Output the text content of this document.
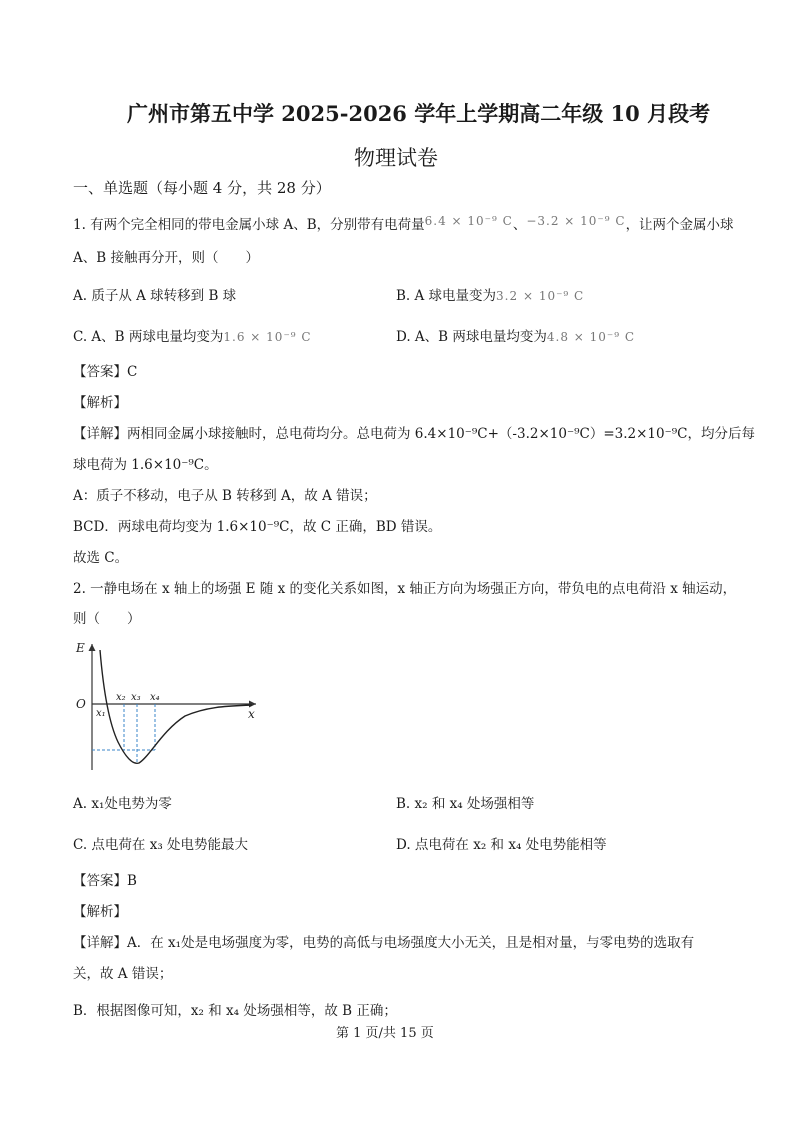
广州市第五中学 2025-2026 学年上学期高二年级 10 月段考
物理试卷
一、单选题（每小题 4 分，共 28 分）
1. 有两个完全相同的带电金属小球 A、B，分别带有电荷量6.4 × 10⁻⁹ C、−3.2 × 10⁻⁹ C，让两个金属小球
A、B 接触再分开，则（　　）
A. 质子从 A 球转移到 B 球	B. A 球电量变为3.2 × 10⁻⁹ C
C. A、B 两球电量均变为1.6 × 10⁻⁹ C	D. A、B 两球电量均变为4.8 × 10⁻⁹ C
【答案】C
【解析】
【详解】两相同金属小球接触时，总电荷均分。总电荷为 6.4×10⁻⁹C+（-3.2×10⁻⁹C）=3.2×10⁻⁹C，均分后每
球电荷为 1.6×10⁻⁹C。
A：质子不移动，电子从 B 转移到 A，故 A 错误；
BCD．两球电荷均变为 1.6×10⁻⁹C，故 C 正确，BD 错误。
故选 C。
2. 一静电场在 x 轴上的场强 E 随 x 的变化关系如图，x 轴正方向为场强正方向，带负电的点电荷沿 x 轴运动，
则（　　）
E
O
x
x₁
x₂ x₃ x₄
A. x₁处电势为零	B. x₂ 和 x₄ 处场强相等
C. 点电荷在 x₃ 处电势能最大	D. 点电荷在 x₂ 和 x₄ 处电势能相等
【答案】B
【解析】
【详解】A．在 x₁处是电场强度为零，电势的高低与电场强度大小无关，且是相对量，与零电势的选取有
关，故 A 错误；
B．根据图像可知，x₂ 和 x₄ 处场强相等，故 B 正确；
第 1 页/共 15 页
